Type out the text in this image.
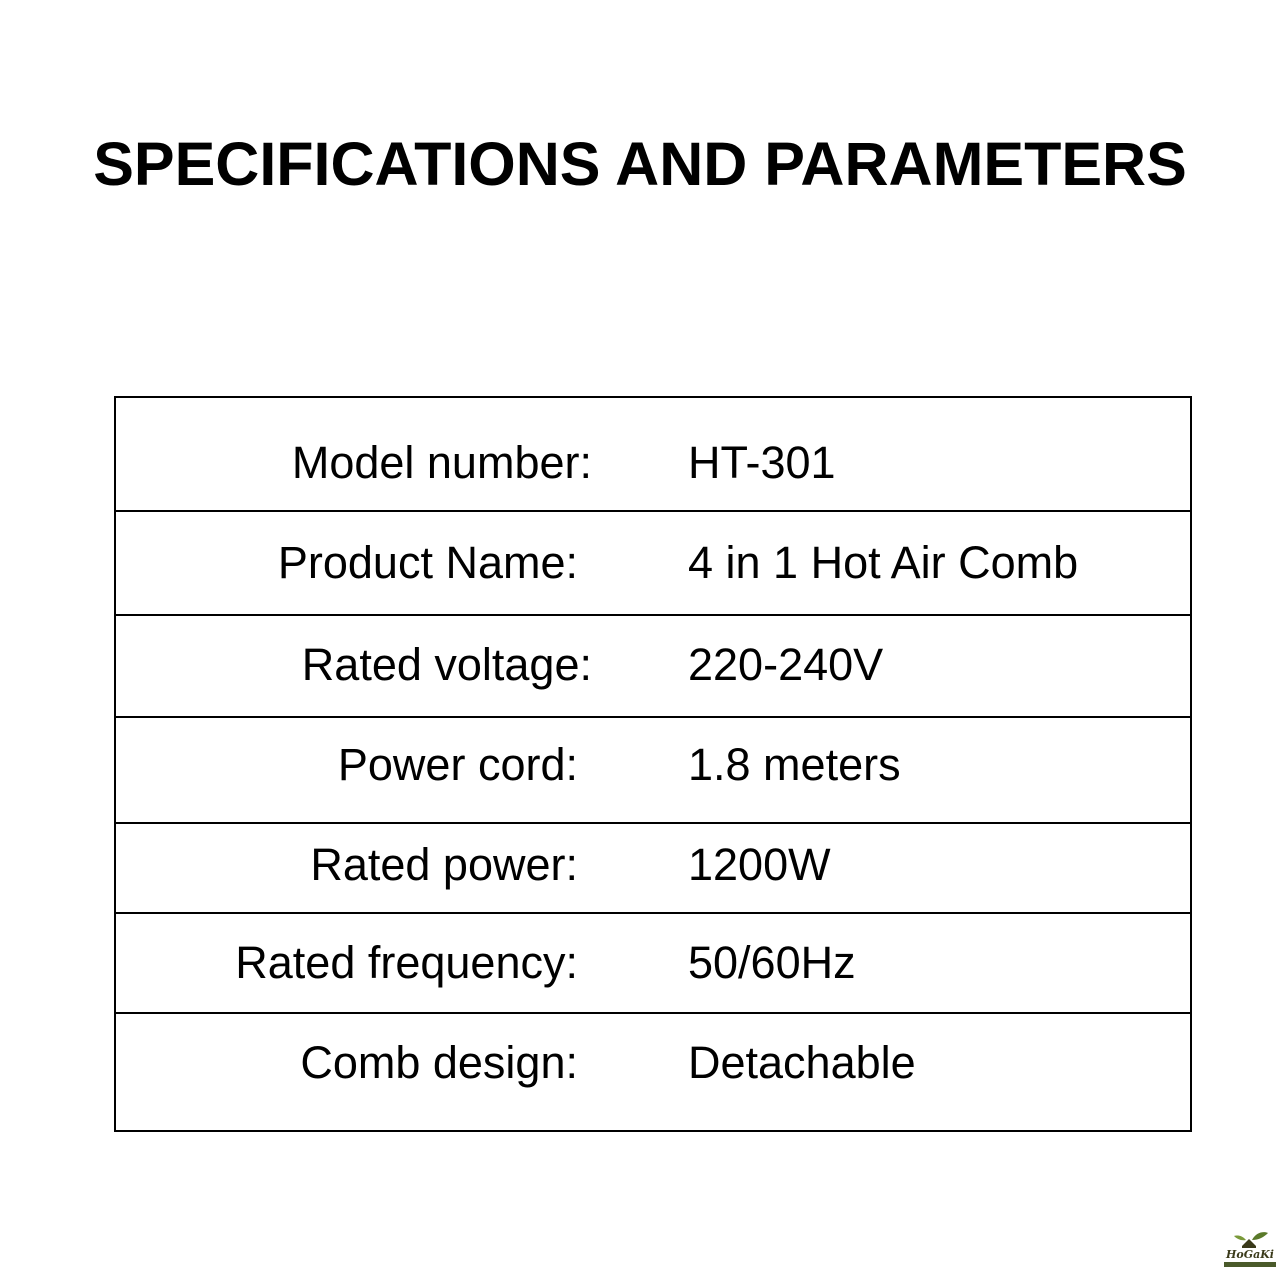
SPECIFICATIONS AND PARAMETERS
Model number: HT-301
Product Name: 4 in 1 Hot Air Comb
Rated voltage: 220-240V
Power cord: 1.8 meters
Rated power: 1200W
Rated frequency: 50/60Hz
Comb design: Detachable
HoGaKi
